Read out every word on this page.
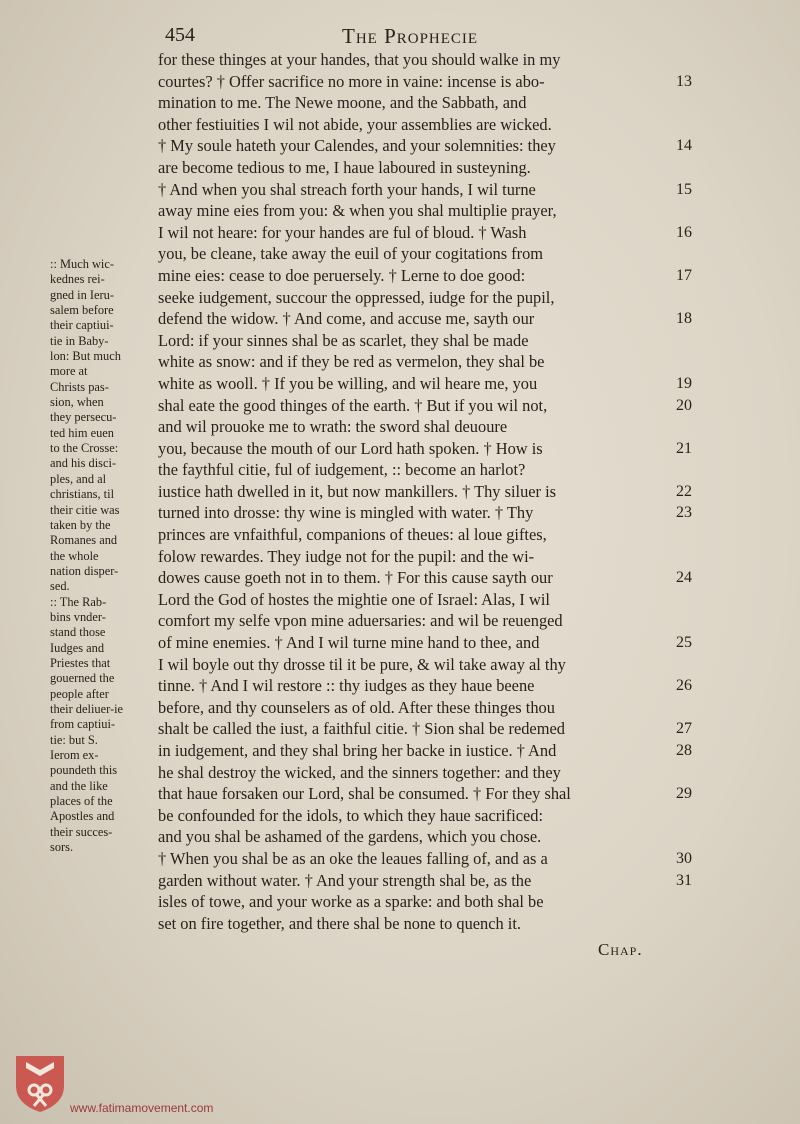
454	The Prophecie
for these thinges at your handes, that you should walke in my
courtes? † Offer sacrifice no more in vaine: incense is abo-	13
mination to me. The Newe moone, and the Sabbath, and
other festiuities I wil not abide, your assemblies are wicked.
† My soule hateth your Calendes, and your solemnities: they	14
are become tedious to me, I haue laboured in susteyning.
† And when you shal streach forth your hands, I wil turne	15
away mine eies from you: & when you shal multiplie prayer,
I wil not heare: for your handes are ful of bloud. † Wash	16
you, be cleane, take away the euil of your cogitations from
mine eies: cease to doe peruersely. † Lerne to doe good:	17
seeke iudgement, succour the oppressed, iudge for the pupil,
defend the widow. † And come, and accuse me, sayth our	18
Lord: if your sinnes shal be as scarlet, they shal be made
white as snow: and if they be red as vermelon, they shal be
white as wooll. † If you be willing, and wil heare me, you	19
shal eate the good thinges of the earth. † But if you wil not,	20
and wil prouoke me to wrath: the sword shal deuoure
you, because the mouth of our Lord hath spoken. † How is	21
the faythful citie, ful of iudgement, :: become an harlot?
iustice hath dwelled in it, but now mankillers. † Thy siluer is	22
turned into drosse: thy wine is mingled with water. † Thy	23
princes are vnfaithful, companions of theues: al loue giftes,
folow rewardes. They iudge not for the pupil: and the wi-
dowes cause goeth not in to them. † For this cause sayth our	24
Lord the God of hostes the mightie one of Israel: Alas, I wil
comfort my selfe vpon mine aduersaries: and wil be reuenged
of mine enemies. † And I wil turne mine hand to thee, and	25
I wil boyle out thy drosse til it be pure, & wil take away al thy
tinne. † And I wil restore :: thy iudges as they haue beene	26
before, and thy counselers as of old. After these thinges thou
shalt be called the iust, a faithful citie. † Sion shal be redemed	27
in iudgement, and they shal bring her backe in iustice. † And	28
he shal destroy the wicked, and the sinners together: and they
that haue forsaken our Lord, shal be consumed. † For they shal	29
be confounded for the idols, to which they haue sacrificed:
and you shal be ashamed of the gardens, which you chose.
† When you shal be as an oke the leaues falling of, and as a	30
garden without water. † And your strength shal be, as the	31
isles of towe, and your worke as a sparke: and both shal be
set on fire together, and there shal be none to quench it.
:: Much wic-
kednes rei-
gned in Ieru-
salem before
their captiui-
tie in Baby-
lon: But much
more at
Christs pas-
sion, when
they persecu-
ted him euen
to the Crosse:
and his disci-
ples, and al
christians, til
their citie was
taken by the
Romanes and
the whole
nation disper-
sed.
:: The Rab-
bins vnder-
stand those
Iudges and
Priestes that
gouerned the
people after
their deliuer-ie
from captiui-
tie: but S.
Ierom ex-
poundeth this
and the like
places of the
Apostles and
their succes-
sors.
Chap.
www.fatimamovement.com
